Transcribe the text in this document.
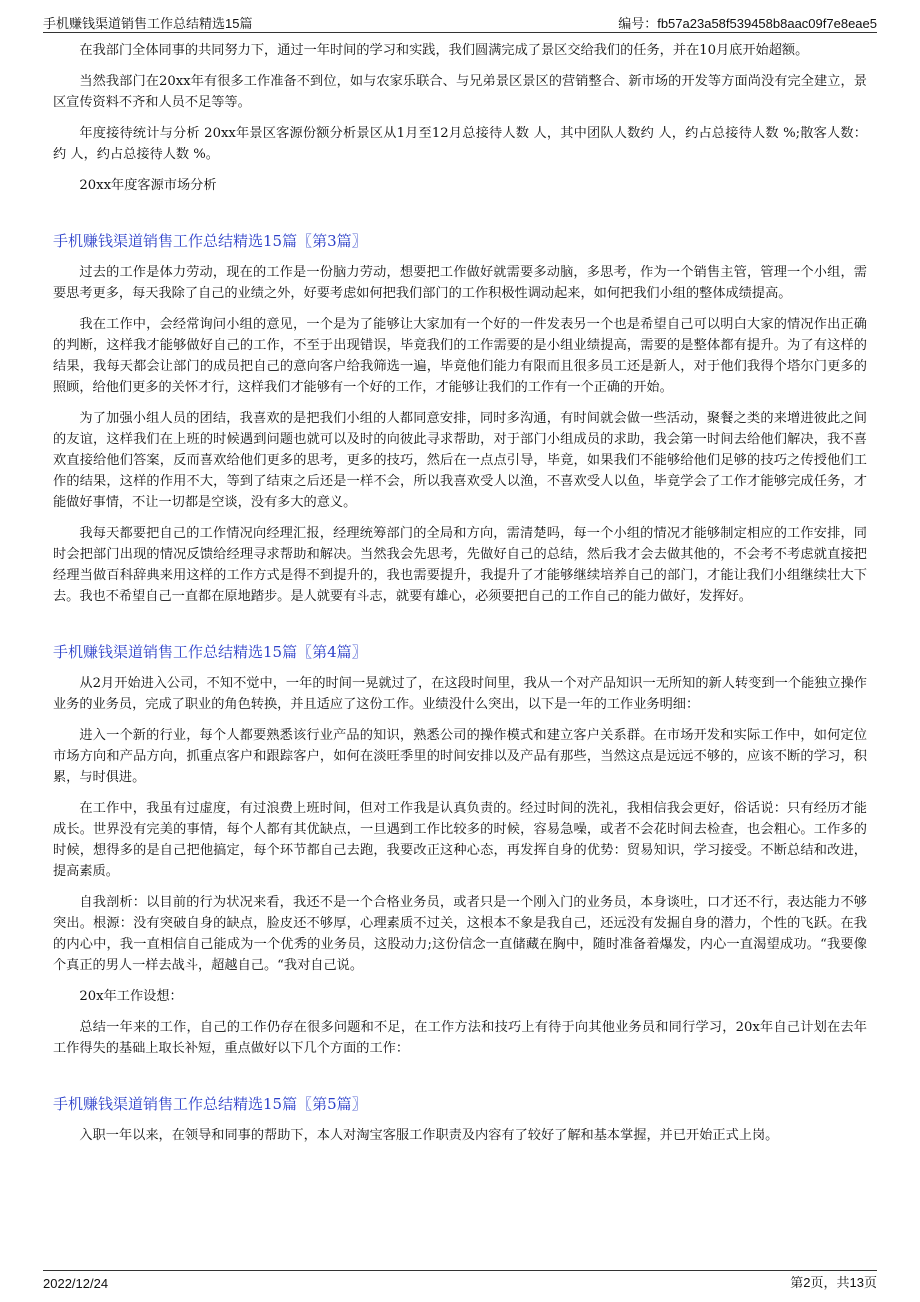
手机赚钱渠道销售工作总结精选15篇	编号：fb57a23a58f539458b8aac09f7e8eae5

在我部门全体同事的共同努力下，通过一年时间的学习和实践，我们圆满完成了景区交给我们的任务，并在10月底开始超额。

当然我部门在20xx年有很多工作准备不到位，如与农家乐联合、与兄弟景区景区的营销整合、新市场的开发等方面尚没有完全建立，景区宣传资料不齐和人员不足等等。

年度接待统计与分析 20xx年景区客源份额分析景区从1月至12月总接待人数 人，其中团队人数约 人，约占总接待人数 %;散客人数：约 人，约占总接待人数 %。

20xx年度客源市场分析

手机赚钱渠道销售工作总结精选15篇〖第3篇〗

过去的工作是体力劳动，现在的工作是一份脑力劳动，想要把工作做好就需要多动脑，多思考，作为一个销售主管，管理一个小组，需要思考更多，每天我除了自己的业绩之外，好要考虑如何把我们部门的工作积极性调动起来，如何把我们小组的整体成绩提高。

我在工作中，会经常询问小组的意见，一个是为了能够让大家加有一个好的一件发表另一个也是希望自己可以明白大家的情况作出正确的判断，这样我才能够做好自己的工作，不至于出现错误，毕竟我们的工作需要的是小组业绩提高，需要的是整体都有提升。为了有这样的结果，我每天都会让部门的成员把自己的意向客户给我筛选一遍，毕竟他们能力有限而且很多员工还是新人，对于他们我得个塔尔门更多的照顾，给他们更多的关怀才行，这样我们才能够有一个好的工作，才能够让我们的工作有一个正确的开始。

为了加强小组人员的团结，我喜欢的是把我们小组的人都同意安排，同时多沟通，有时间就会做一些活动，聚餐之类的来增进彼此之间的友谊，这样我们在上班的时候遇到问题也就可以及时的向彼此寻求帮助，对于部门小组成员的求助，我会第一时间去给他们解决，我不喜欢直接给他们答案，反而喜欢给他们更多的思考，更多的技巧，然后在一点点引导，毕竟，如果我们不能够给他们足够的技巧之传授他们工作的结果，这样的作用不大，等到了结束之后还是一样不会，所以我喜欢受人以渔，不喜欢受人以鱼，毕竟学会了工作才能够完成任务，才能做好事情，不让一切都是空谈，没有多大的意义。

我每天都要把自己的工作情况向经理汇报，经理统筹部门的全局和方向，需清楚吗，每一个小组的情况才能够制定相应的工作安排，同时会把部门出现的情况反馈给经理寻求帮助和解决。当然我会先思考，先做好自己的总结，然后我才会去做其他的，不会考不考虑就直接把经理当做百科辞典来用这样的工作方式是得不到提升的，我也需要提升，我提升了才能够继续培养自己的部门，才能让我们小组继续壮大下去。我也不希望自己一直都在原地踏步。是人就要有斗志，就要有雄心，必须要把自己的工作自己的能力做好，发挥好。

手机赚钱渠道销售工作总结精选15篇〖第4篇〗

从2月开始进入公司，不知不觉中，一年的时间一晃就过了，在这段时间里，我从一个对产品知识一无所知的新人转变到一个能独立操作业务的业务员，完成了职业的角色转换，并且适应了这份工作。业绩没什么突出，以下是一年的工作业务明细：

进入一个新的行业，每个人都要熟悉该行业产品的知识，熟悉公司的操作模式和建立客户关系群。在市场开发和实际工作中，如何定位市场方向和产品方向，抓重点客户和跟踪客户，如何在淡旺季里的时间安排以及产品有那些，当然这点是远远不够的，应该不断的学习，积累，与时俱进。

在工作中，我虽有过虚度，有过浪费上班时间，但对工作我是认真负责的。经过时间的洗礼，我相信我会更好，俗话说：只有经历才能成长。世界没有完美的事情，每个人都有其优缺点，一旦遇到工作比较多的时候，容易急噪，或者不会花时间去检查，也会粗心。工作多的时候，想得多的是自己把他搞定，每个环节都自己去跑，我要改正这种心态，再发挥自身的优势：贸易知识，学习接受。不断总结和改进，提高素质。

自我剖析：以目前的行为状况来看，我还不是一个合格业务员，或者只是一个刚入门的业务员，本身谈吐，口才还不行，表达能力不够突出。根源：没有突破自身的缺点，脸皮还不够厚，心理素质不过关，这根本不象是我自己，还远没有发掘自身的潜力，个性的飞跃。在我的内心中，我一直相信自己能成为一个优秀的业务员，这股动力;这份信念一直储藏在胸中，随时准备着爆发，内心一直渴望成功。“我要像个真正的男人一样去战斗，超越自己。“我对自己说。

20x年工作设想：

总结一年来的工作，自己的工作仍存在很多问题和不足，在工作方法和技巧上有待于向其他业务员和同行学习，20x年自己计划在去年工作得失的基础上取长补短，重点做好以下几个方面的工作：

手机赚钱渠道销售工作总结精选15篇〖第5篇〗

入职一年以来，在领导和同事的帮助下，本人对淘宝客服工作职责及内容有了较好了解和基本掌握，并已开始正式上岗。

2022/12/24	第2页，共13页
